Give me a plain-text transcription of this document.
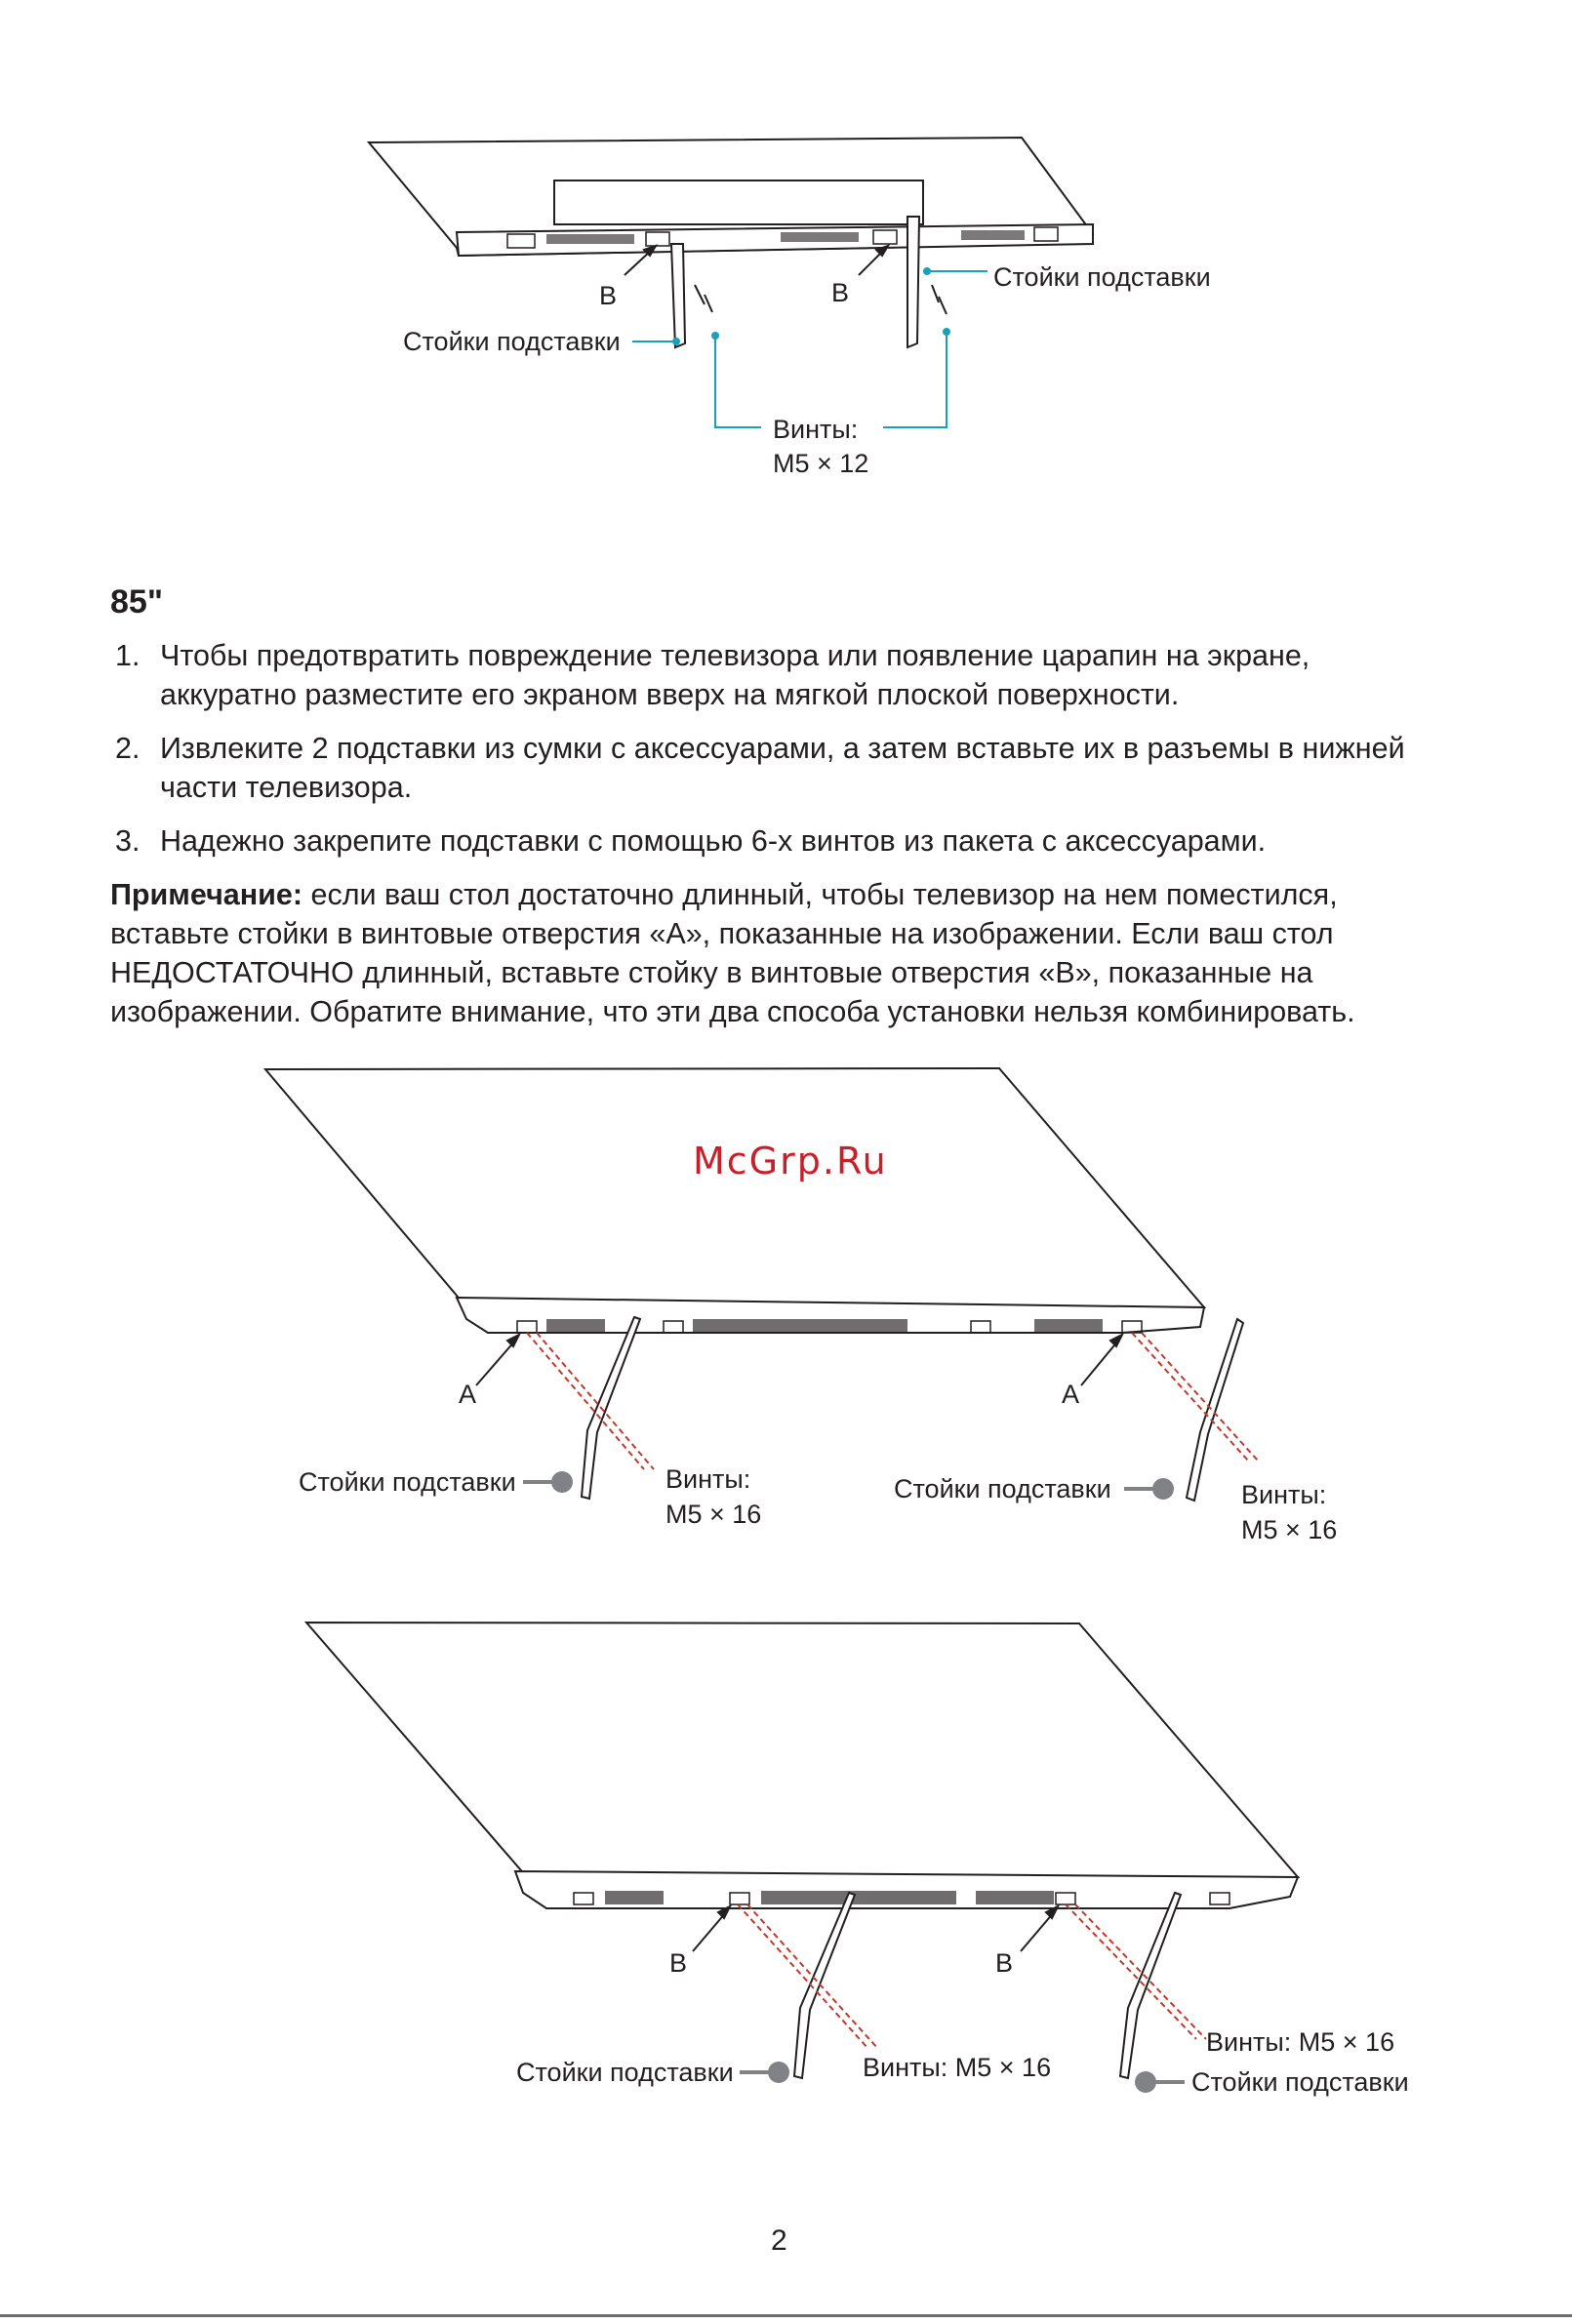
B	B
Стойки подставки
Стойки подставки
Винты:
M5 × 12
85"
1. Чтобы предотвратить повреждение телевизора или появление царапин на экране, аккуратно разместите его экраном вверх на мягкой плоской поверхности.
2. Извлеките 2 подставки из сумки с аксессуарами, а затем вставьте их в разъемы в нижней части телевизора.
3. Надежно закрепите подставки с помощью 6-х винтов из пакета с аксессуарами.
Примечание: если ваш стол достаточно длинный, чтобы телевизор на нем поместился, вставьте стойки в винтовые отверстия «A», показанные на изображении. Если ваш стол НЕДОСТАТОЧНО длинный, вставьте стойку в винтовые отверстия «B», показанные на изображении. Обратите внимание, что эти два способа установки нельзя комбинировать.
McGrp.Ru
A	A
Стойки подставки	Стойки подставки
Винты:
M5 × 16
Винты:
M5 × 16
B	B
Стойки подставки	Стойки подставки
Винты: M5 × 16
Винты: M5 × 16
2
